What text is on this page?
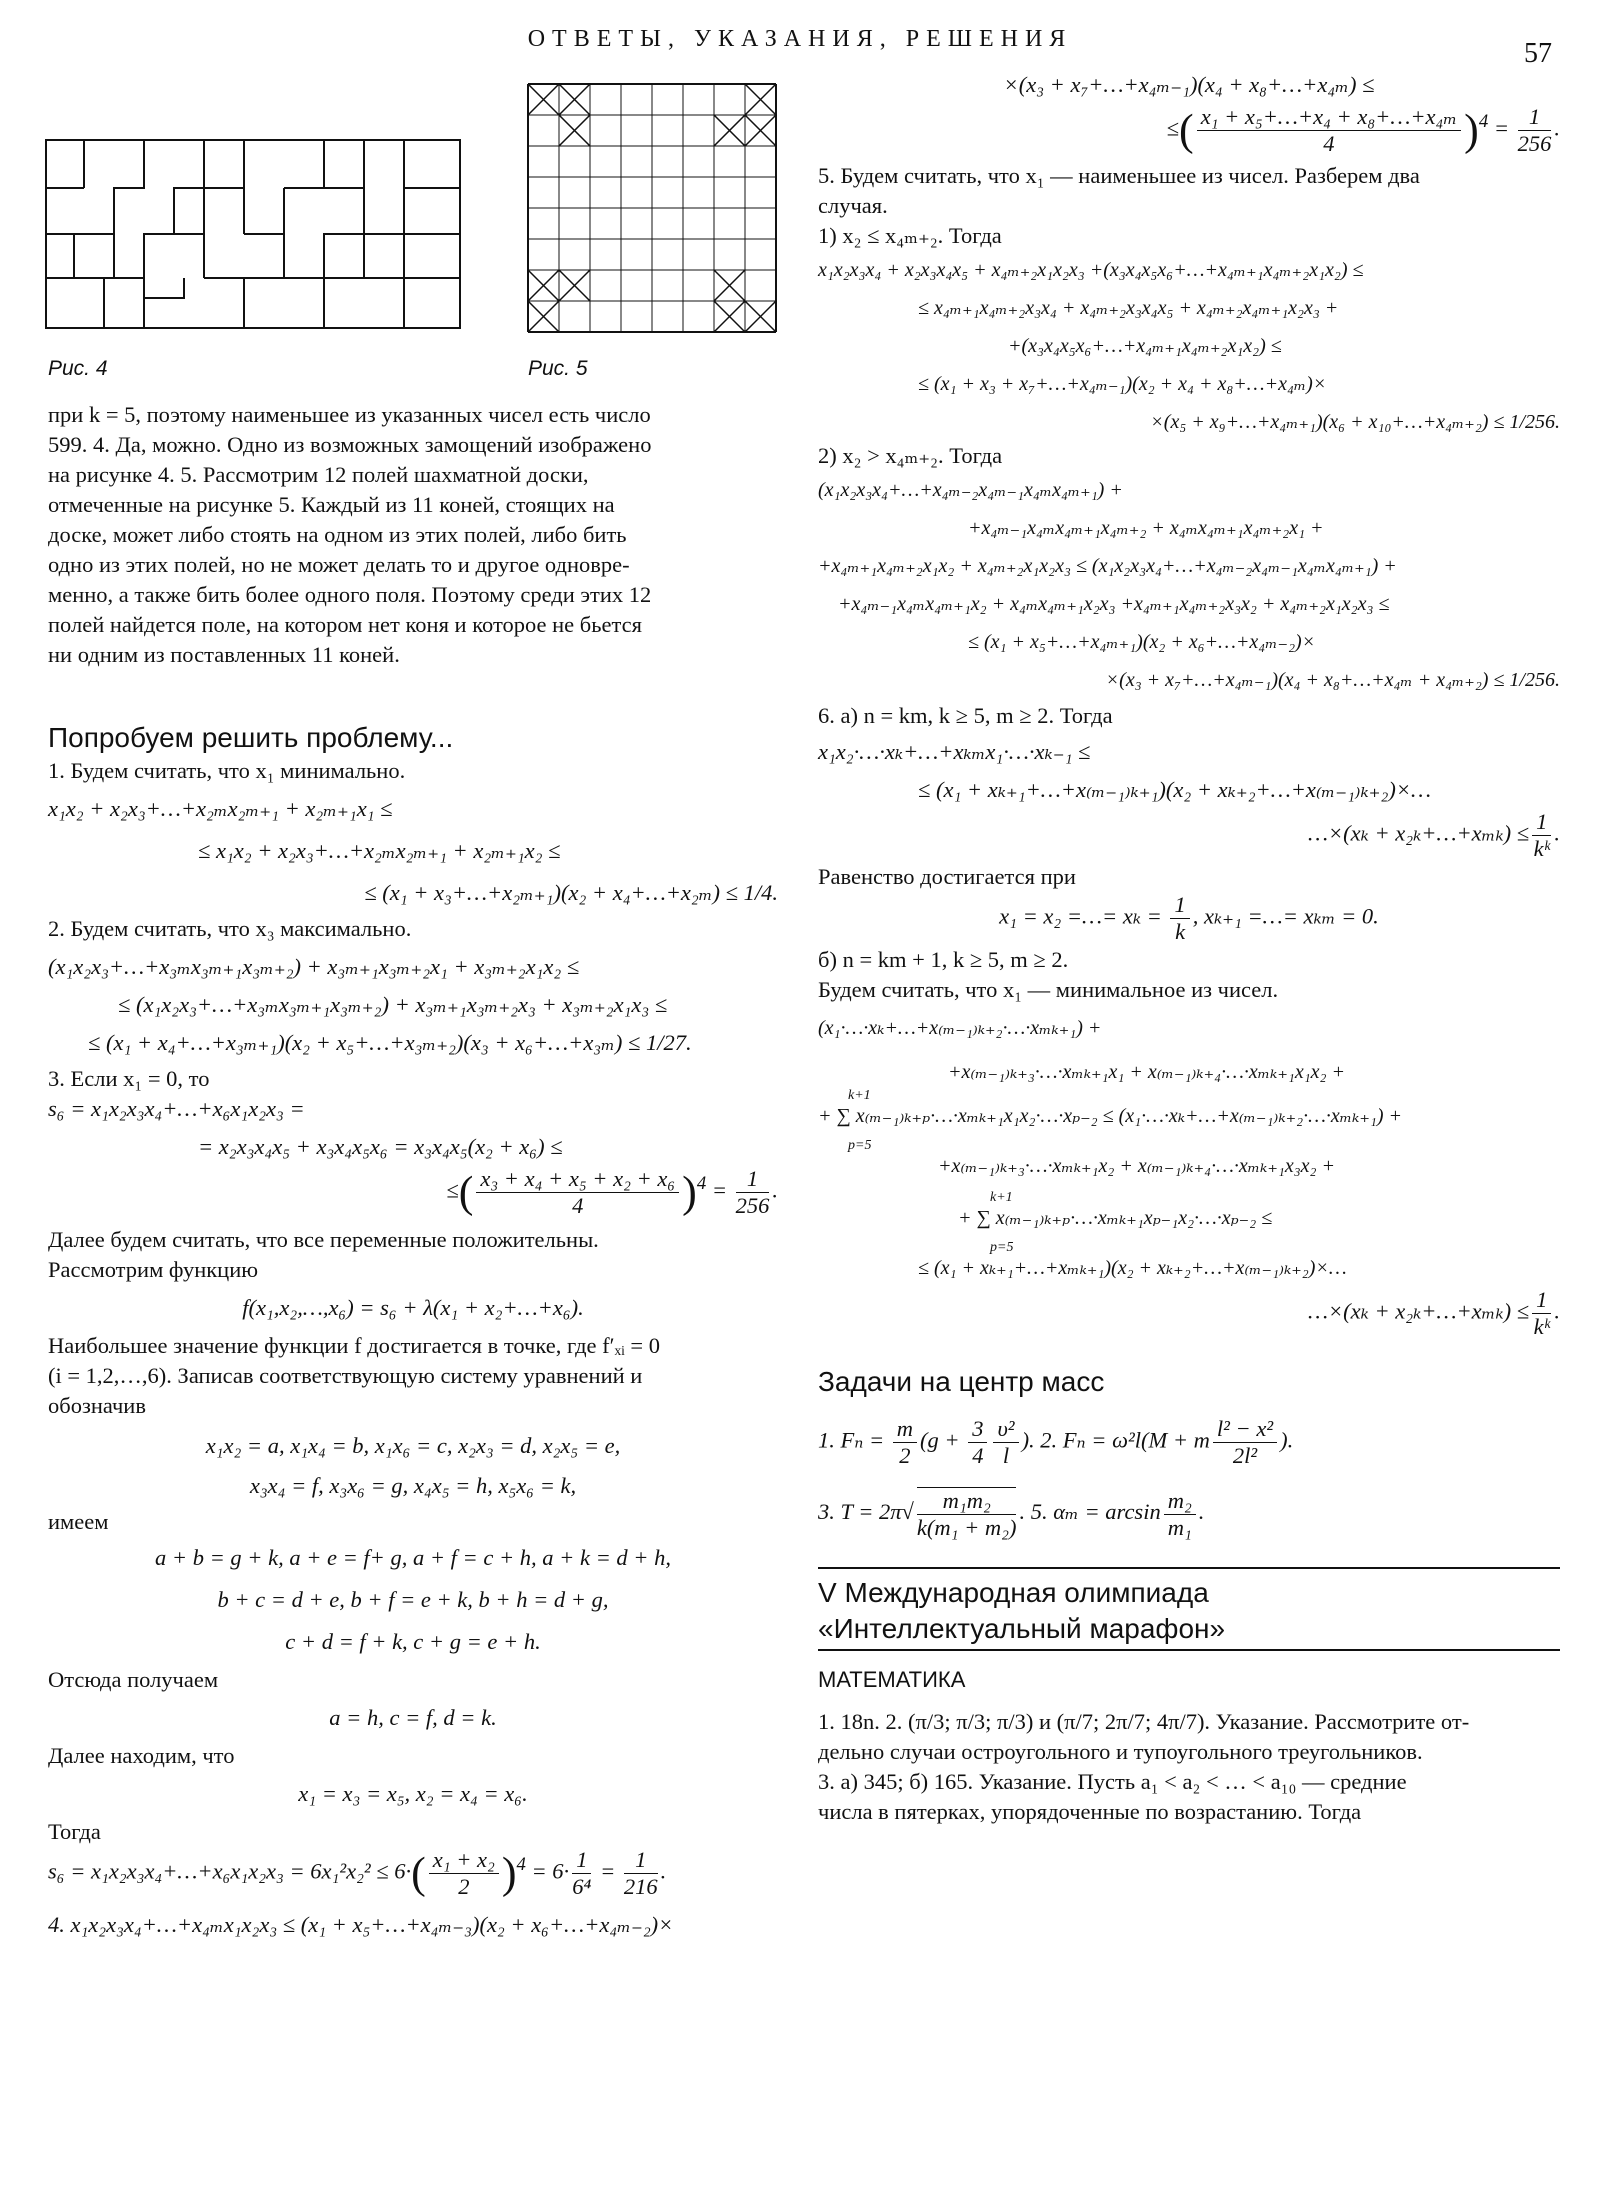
ОТВЕТЫ, УКАЗАНИЯ, РЕШЕНИЯ	57
Рис. 4	Рис. 5

при k = 5, поэтому наименьшее из указанных чисел есть число

599. 4. Да, можно. Одно из возможных замощений изображено

на рисунке 4. 5. Рассмотрим 12 полей шахматной доски,

отмеченные на рисунке 5. Каждый из 11 коней, стоящих на

доске, может либо стоять на одном из этих полей, либо бить

одно из этих полей, но не может делать то и другое одновре-

менно, а также бить более одного поля. Поэтому среди этих 12

полей найдется поле, на котором нет коня и которое не бьется

ни одним из поставленных 11 коней.

Попробуем решить проблему...

1. Будем считать, что x₁ минимально.

x₁x₂ + x₂x₃+…+x₂ₘx₂ₘ₊₁ + x₂ₘ₊₁x₁ ≤

≤ x₁x₂ + x₂x₃+…+x₂ₘx₂ₘ₊₁ + x₂ₘ₊₁x₂ ≤

≤ (x₁ + x₃+…+x₂ₘ₊₁)(x₂ + x₄+…+x₂ₘ) ≤ 1/4.

2. Будем считать, что x₃ максимально.

(x₁x₂x₃+…+x₃ₘx₃ₘ₊₁x₃ₘ₊₂) + x₃ₘ₊₁x₃ₘ₊₂x₁ + x₃ₘ₊₂x₁x₂ ≤

≤ (x₁x₂x₃+…+x₃ₘx₃ₘ₊₁x₃ₘ₊₂) + x₃ₘ₊₁x₃ₘ₊₂x₃ + x₃ₘ₊₂x₁x₃ ≤

≤ (x₁ + x₄+…+x₃ₘ₊₁)(x₂ + x₅+…+x₃ₘ₊₂)(x₃ + x₆+…+x₃ₘ) ≤ 1/27.

3. Если x₁ = 0, то

s₆ = x₁x₂x₃x₄+…+x₆x₁x₂x₃ =

= x₂x₃x₄x₅ + x₃x₄x₅x₆ = x₃x₄x₅(x₂ + x₆) ≤

≤( $\frac{\text{x₃ + x₄ + x₅ + x₂ + x₆}}{4} )^4 = \frac{1}{256}$ .

Далее будем считать, что все переменные положительны.

Рассмотрим функцию

f(x₁,x₂,…,x₆) = s₆ + λ(x₁ + x₂+…+x₆).

Наибольшее значение функции f достигается в точке, где f′ₓᵢ = 0

(i = 1,2,…,6). Записав соответствующую систему уравнений и

обозначив

x₁x₂ = a, x₁x₄ = b, x₁x₆ = c, x₂x₃ = d, x₂x₅ = e,

x₃x₄ = f, x₃x₆ = g, x₄x₅ = h, x₅x₆ = k,

имеем

a + b = g + k, a + e = f+ g, a + f = c + h, a + k = d + h,

b + c = d + e, b + f = e + k, b + h = d + g,

c + d = f + k, c + g = e + h.

Отсюда получаем

a = h, c = f, d = k.

Далее находим, что

x₁ = x₃ = x₅, x₂ = x₄ = x₆.

Тогда

s₆ = x₁x₂x₃x₄+…+x₆x₁x₂x₃ = $6x_1^2x_2^2 \le 6\cdot( \frac{\text{x₁ + x₂}}{2} )^4 = 6\cdot \frac{1}{\text{6⁴}} = \frac{1}{216}$ .

4. x₁x₂x₃x₄+…+x₄ₘx₁x₂x₃ ≤ (x₁ + x₅+…+x₄ₘ₋₃)(x₂ + x₆+…+x₄ₘ₋₂)×

×(x₃ + x₇+…+x₄ₘ₋₁)(x₄ + x₈+…+x₄ₘ) ≤

≤( $\frac{\text{x₁ + x₅+…+x₄ + x₈+…+x₄ₘ}}{4} )^4 = \frac{1}{256}$ .

5. Будем считать, что x₁ — наименьшее из чисел. Разберем два

случая.

1) x₂ ≤ x₄ₘ₊₂. Тогда

x₁x₂x₃x₄ + x₂x₃x₄x₅ + x₄ₘ₊₂x₁x₂x₃ +(x₃x₄x₅x₆+…+x₄ₘ₊₁x₄ₘ₊₂x₁x₂) ≤

≤ x₄ₘ₊₁x₄ₘ₊₂x₃x₄ + x₄ₘ₊₂x₃x₄x₅ + x₄ₘ₊₂x₄ₘ₊₁x₂x₃ +

+(x₃x₄x₅x₆+…+x₄ₘ₊₁x₄ₘ₊₂x₁x₂) ≤

≤ (x₁ + x₃ + x₇+…+x₄ₘ₋₁)(x₂ + x₄ + x₈+…+x₄ₘ)×

×(x₅ + x₉+…+x₄ₘ₊₁)(x₆ + x₁₀+…+x₄ₘ₊₂) ≤ 1/256.

2) x₂ > x₄ₘ₊₂. Тогда

(x₁x₂x₃x₄+…+x₄ₘ₋₂x₄ₘ₋₁x₄ₘx₄ₘ₊₁) +

+x₄ₘ₋₁x₄ₘx₄ₘ₊₁x₄ₘ₊₂ + x₄ₘx₄ₘ₊₁x₄ₘ₊₂x₁ +

+x₄ₘ₊₁x₄ₘ₊₂x₁x₂ + x₄ₘ₊₂x₁x₂x₃ ≤ (x₁x₂x₃x₄+…+x₄ₘ₋₂x₄ₘ₋₁x₄ₘx₄ₘ₊₁) +

+x₄ₘ₋₁x₄ₘx₄ₘ₊₁x₂ + x₄ₘx₄ₘ₊₁x₂x₃ +x₄ₘ₊₁x₄ₘ₊₂x₃x₂ + x₄ₘ₊₂x₁x₂x₃ ≤

≤ (x₁ + x₅+…+x₄ₘ₊₁)(x₂ + x₆+…+x₄ₘ₋₂)×

×(x₃ + x₇+…+x₄ₘ₋₁)(x₄ + x₈+…+x₄ₘ + x₄ₘ₊₂) ≤ 1/256.

6. а) n = km, k ≥ 5, m ≥ 2. Тогда

x₁x₂·…·xₖ+…+xₖₘx₁·…·xₖ₋₁ ≤

≤ (x₁ + xₖ₊₁+…+x₍ₘ₋₁₎ₖ₊₁)(x₂ + xₖ₊₂+…+x₍ₘ₋₁₎ₖ₊₂)×…

…×(xₖ + x₂ₖ+…+xₘₖ) ≤ $\frac{1}{\text{kᵏ}}$ .

Равенство достигается при

x₁ = x₂ =…= $x_k = \frac{1}{k}$ , xₖ₊₁ =…= xₖₘ = 0.

б) n = km + 1, k ≥ 5, m ≥ 2.

Будем считать, что x₁ — минимальное из чисел.

(x₁·…·xₖ+…+x₍ₘ₋₁₎ₖ₊₂·…·xₘₖ₊₁) +

+x₍ₘ₋₁₎ₖ₊₃·…·xₘₖ₊₁x₁ + x₍ₘ₋₁₎ₖ₊₄·…·xₘₖ₊₁x₁x₂ +

k+1
p=5

+ ∑ x₍ₘ₋₁₎ₖ₊ₚ·…·xₘₖ₊₁x₁x₂·…·xₚ₋₂ ≤ (x₁·…·xₖ+…+x₍ₘ₋₁₎ₖ₊₂·…·xₘₖ₊₁) +

+x₍ₘ₋₁₎ₖ₊₃·…·xₘₖ₊₁x₂ + x₍ₘ₋₁₎ₖ₊₄·…·xₘₖ₊₁x₃x₂ +

k+1
p=5

+ ∑ x₍ₘ₋₁₎ₖ₊ₚ·…·xₘₖ₊₁xₚ₋₁x₂·…·xₚ₋₂ ≤

≤ (x₁ + xₖ₊₁+…+xₘₖ₊₁)(x₂ + xₖ₊₂+…+x₍ₘ₋₁₎ₖ₊₂)×…

…×(xₖ + x₂ₖ+…+xₘₖ) ≤ $\frac{1}{\text{kᵏ}}$ .

Задачи на центр масс

1. $F_n = \frac{m}{2} (g + \frac{3}{4} \frac{\text{υ²}}{l}$ ). 2. Fₙ = ω²l(M + m $\frac{\text{l² − x²}}{\text{2l²}}$ ).

3. $T = 2\pi√ \frac{\text{m₁m₂}}{\text{k(m₁ + m₂)}}$ . 5. $\alpha_m = \arcsin \frac{\text{m₂}}{\text{m₁}}$ .

V Международная олимпиада

«Интеллектуальный марафон»

МАТЕМАТИКА

1. 18n. 2. (π/3; π/3; π/3) и (π/7; 2π/7; 4π/7). Указание. Рассмотрите от-

дельно случаи остроугольного и тупоугольного треугольников.

3. а) 345; б) 165. Указание. Пусть a₁ < a₂ < … < a₁₀ — средние

числа в пятерках, упорядоченные по возрастанию. Тогда
